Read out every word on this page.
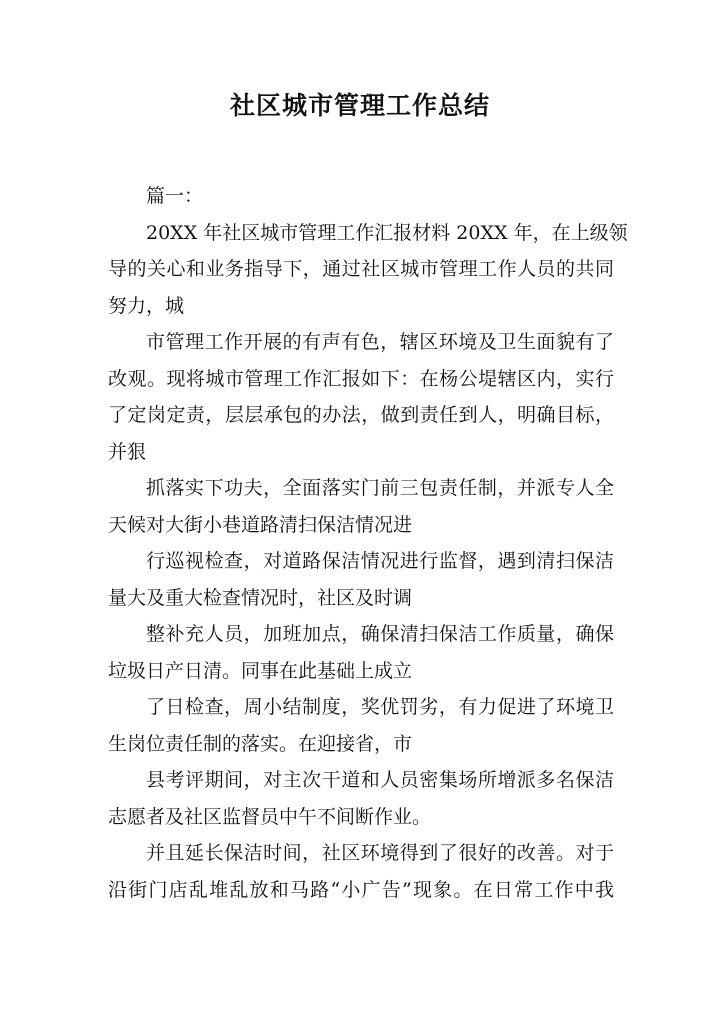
社区城市管理工作总结
篇一：
20XX 年社区城市管理工作汇报材料 20XX 年，在上级领
导的关心和业务指导下，通过社区城市管理工作人员的共同
努力，城
市管理工作开展的有声有色，辖区环境及卫生面貌有了
改观。现将城市管理工作汇报如下：在杨公堤辖区内，实行
了定岗定责，层层承包的办法，做到责任到人，明确目标，
并狠
抓落实下功夫，全面落实门前三包责任制，并派专人全
天候对大街小巷道路清扫保洁情况进
行巡视检查，对道路保洁情况进行监督，遇到清扫保洁
量大及重大检查情况时，社区及时调
整补充人员，加班加点，确保清扫保洁工作质量，确保
垃圾日产日清。同事在此基础上成立
了日检查，周小结制度，奖优罚劣，有力促进了环境卫
生岗位责任制的落实。在迎接省，市
县考评期间，对主次干道和人员密集场所增派多名保洁
志愿者及社区监督员中午不间断作业。
并且延长保洁时间，社区环境得到了很好的改善。对于
沿街门店乱堆乱放和马路“小广告”现象。在日常工作中我
